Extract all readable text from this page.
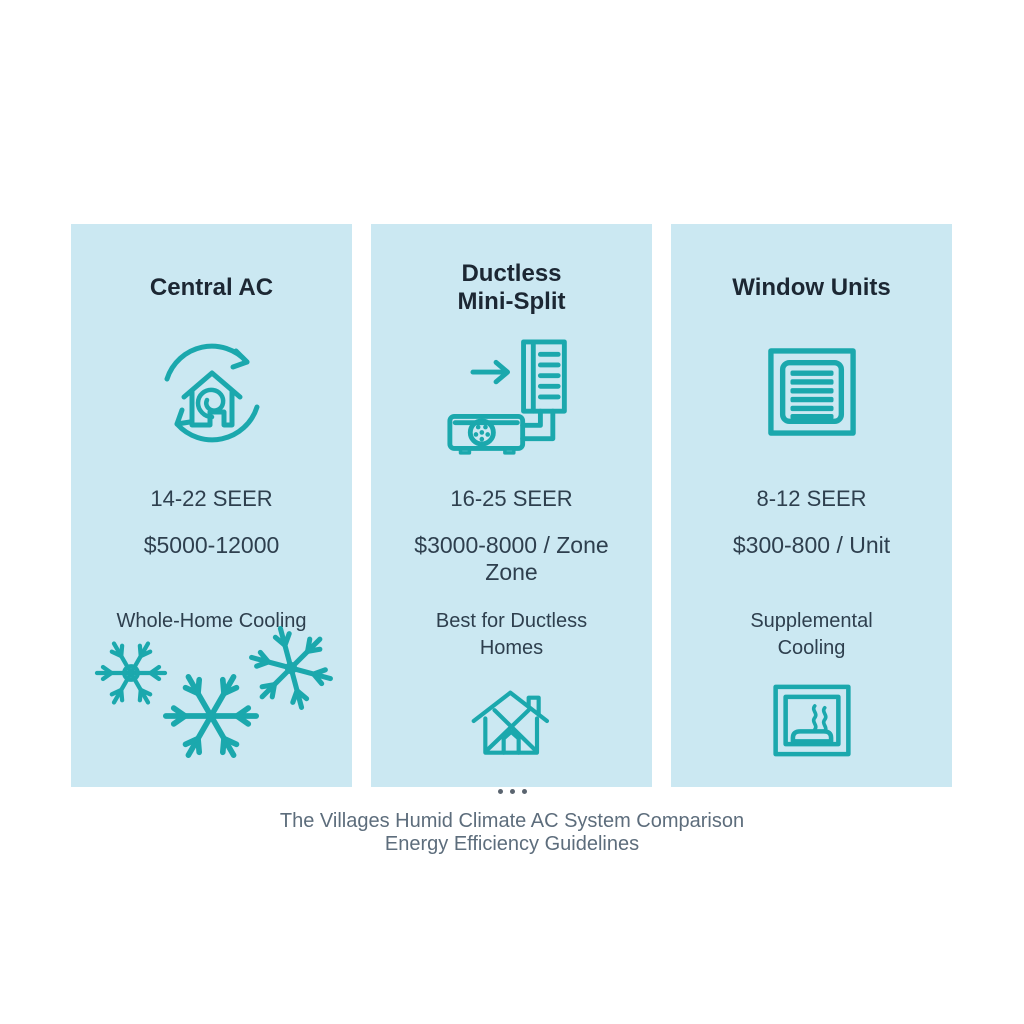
Central AC
14-22 SEER
$5000-12000
Whole-Home Cooling
Ductless
Mini-Split
16-25 SEER
$3000-8000 / Zone
Zone
Best for Ductless
Homes
Window Units
8-12 SEER
$300-800 / Unit
Supplemental
Cooling
The Villages Humid Climate AC System Comparison
Energy Efficiency Guidelines
